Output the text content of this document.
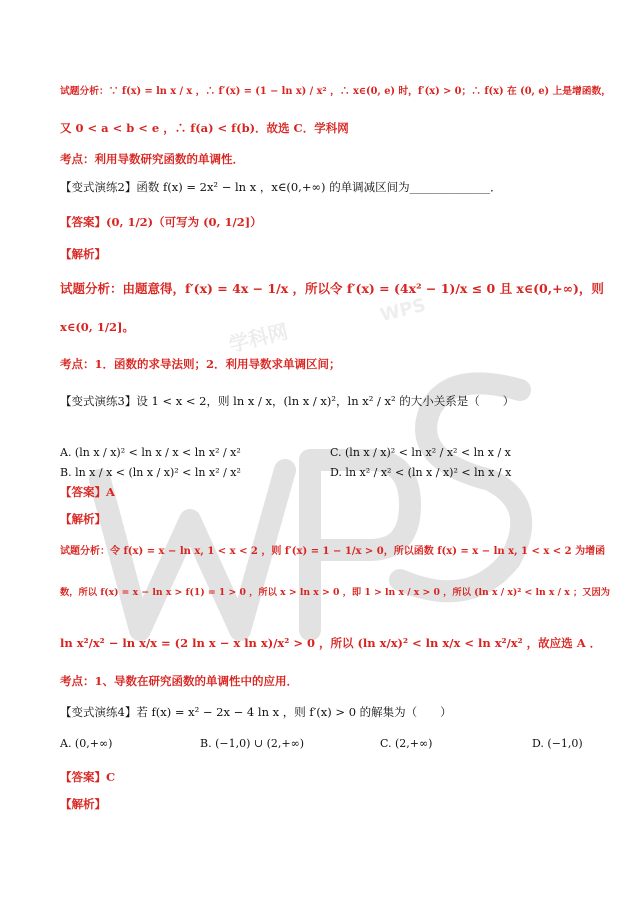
学科网
WPS
试题分析：∵ f(x) = ln x / x ，∴ f′(x) = (1 − ln x) / x² ，∴ x∈(0, e) 时，f′(x) > 0；∴ f(x) 在 (0, e) 上是增函数，
又 0 < a < b < e ，∴ f(a) < f(b)．故选 C．学科网
考点：利用导数研究函数的单调性．
【变式演练2】函数 f(x) = 2x² − ln x ，x∈(0,+∞) 的单调减区间为______________．
【答案】(0, 1/2)（可写为 (0, 1/2]）
【解析】
试题分析：由题意得，f′(x) = 4x − 1/x ，所以令 f′(x) = (4x² − 1)/x ≤ 0 且 x∈(0,+∞)，则
x∈(0, 1/2]。
考点：1．函数的求导法则；2．利用导数求单调区间；
【变式演练3】设 1 < x < 2，则 ln x / x，(ln x / x)²，ln x² / x² 的大小关系是（　　）
A. (ln x / x)² < ln x / x < ln x² / x²
B. ln x / x < (ln x / x)² < ln x² / x²
C. (ln x / x)² < ln x² / x² < ln x / x
D. ln x² / x² < (ln x / x)² < ln x / x
【答案】A
【解析】
试题分析：令 f(x) = x − ln x, 1 < x < 2 ，则 f′(x) = 1 − 1/x > 0，所以函数 f(x) = x − ln x, 1 < x < 2 为增函
数，所以 f(x) = x − ln x > f(1) = 1 > 0 ，所以 x > ln x > 0 ，即 1 > ln x / x > 0 ，所以 (ln x / x)² < ln x / x ；又因为
ln x²/x² − ln x/x = (2 ln x − x ln x)/x² > 0 ，所以 (ln x/x)² < ln x/x < ln x²/x² ，故应选 A ．
考点：1、导数在研究函数的单调性中的应用．
【变式演练4】若 f(x) = x² − 2x − 4 ln x ，则 f′(x) > 0 的解集为（　　）
A. (0,+∞)	B. (−1,0) ∪ (2,+∞)	C. (2,+∞)	D. (−1,0)
【答案】C
【解析】
